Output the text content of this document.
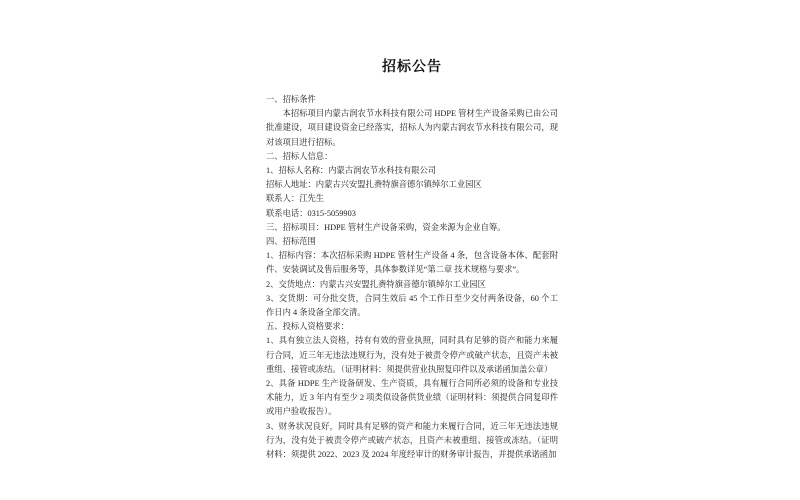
招标公告
一、招标条件
本招标项目内蒙古润农节水科技有限公司 HDPE 管材生产设备采购已由公司批准建设，项目建设资金已经落实，招标人为内蒙古润农节水科技有限公司，现对该项目进行招标。
二、招标人信息：
1、招标人名称：内蒙古润农节水科技有限公司
招标人地址：内蒙古兴安盟扎赉特旗音德尔镇绰尔工业园区
联系人：江先生
联系电话：0315-5059903
三、招标项目：HDPE 管材生产设备采购，资金来源为企业自筹。
四、招标范围
1、招标内容：本次招标采购 HDPE 管材生产设备 4 条，包含设备本体、配套附件、安装调试及售后服务等，具体参数详见“第二章 技术规格与要求”。
2、交货地点：内蒙古兴安盟扎赉特旗音德尔镇绰尔工业园区
3、交货期：可分批交货，合同生效后 45 个工作日至少交付两条设备，60 个工作日内 4 条设备全部交清。
五、投标人资格要求：
1、具有独立法人资格，持有有效的营业执照，同时具有足够的资产和能力来履行合同，近三年无违法违规行为，没有处于被责令停产或破产状态，且资产未被重组、接管或冻结。（证明材料：须提供营业执照复印件以及承诺函加盖公章）
2、具备 HDPE 生产设备研发、生产资质，具有履行合同所必须的设备和专业技术能力，近 3 年内有至少 2 项类似设备供货业绩（证明材料：须提供合同复印件或用户验收报告）。
3、财务状况良好，同时具有足够的资产和能力来履行合同，近三年无违法违规行为，没有处于被责令停产或破产状态，且资产未被重组、接管或冻结。（证明材料：须提供 2022、2023 及 2024 年度经审计的财务审计报告，并提供承诺函加
